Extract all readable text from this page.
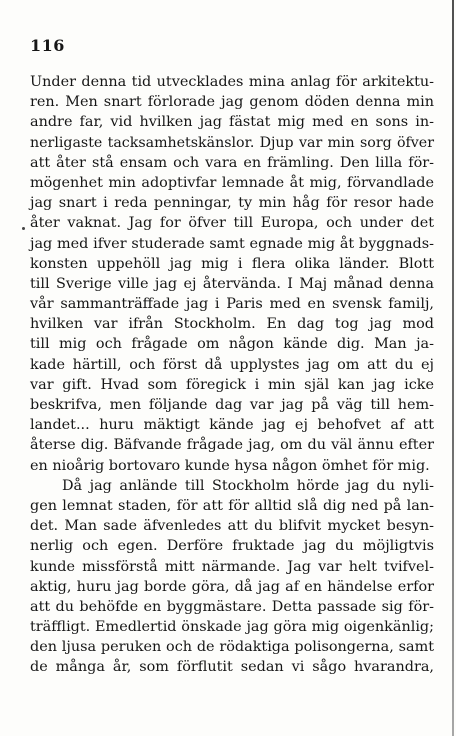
116
Under denna tid utvecklades mina anlag för arkitektu-
ren. Men snart förlorade jag genom döden denna min
andre far, vid hvilken jag fästat mig med en sons in-
nerligaste tacksamhetskänslor. Djup var min sorg öfver
att åter stå ensam och vara en främling. Den lilla för-
mögenhet min adoptivfar lemnade åt mig, förvandlade
jag snart i reda penningar, ty min håg för resor hade
åter vaknat. Jag for öfver till Europa, och under det
jag med ifver studerade samt egnade mig åt byggnads-
konsten uppehöll jag mig i flera olika länder. Blott
till Sverige ville jag ej återvända. I Maj månad denna
vår sammanträffade jag i Paris med en svensk familj,
hvilken var ifrån Stockholm. En dag tog jag mod
till mig och frågade om någon kände dig. Man ja-
kade härtill, och först då upplystes jag om att du ej
var gift. Hvad som föregick i min själ kan jag icke
beskrifva, men följande dag var jag på väg till hem-
landet... huru mäktigt kände jag ej behofvet af att
återse dig. Bäfvande frågade jag, om du väl ännu efter
en nioårig bortovaro kunde hysa någon ömhet för mig.
Då jag anlände till Stockholm hörde jag du nyli-
gen lemnat staden, för att för alltid slå dig ned på lan-
det. Man sade äfvenledes att du blifvit mycket besyn-
nerlig och egen. Derföre fruktade jag du möjligtvis
kunde missförstå mitt närmande. Jag var helt tvifvel-
aktig, huru jag borde göra, då jag af en händelse erfor
att du behöfde en byggmästare. Detta passade sig för-
träffligt. Emedlertid önskade jag göra mig oigenkänlig;
den ljusa peruken och de rödaktiga polisongerna, samt
de många år, som förflutit sedan vi sågo hvarandra,
